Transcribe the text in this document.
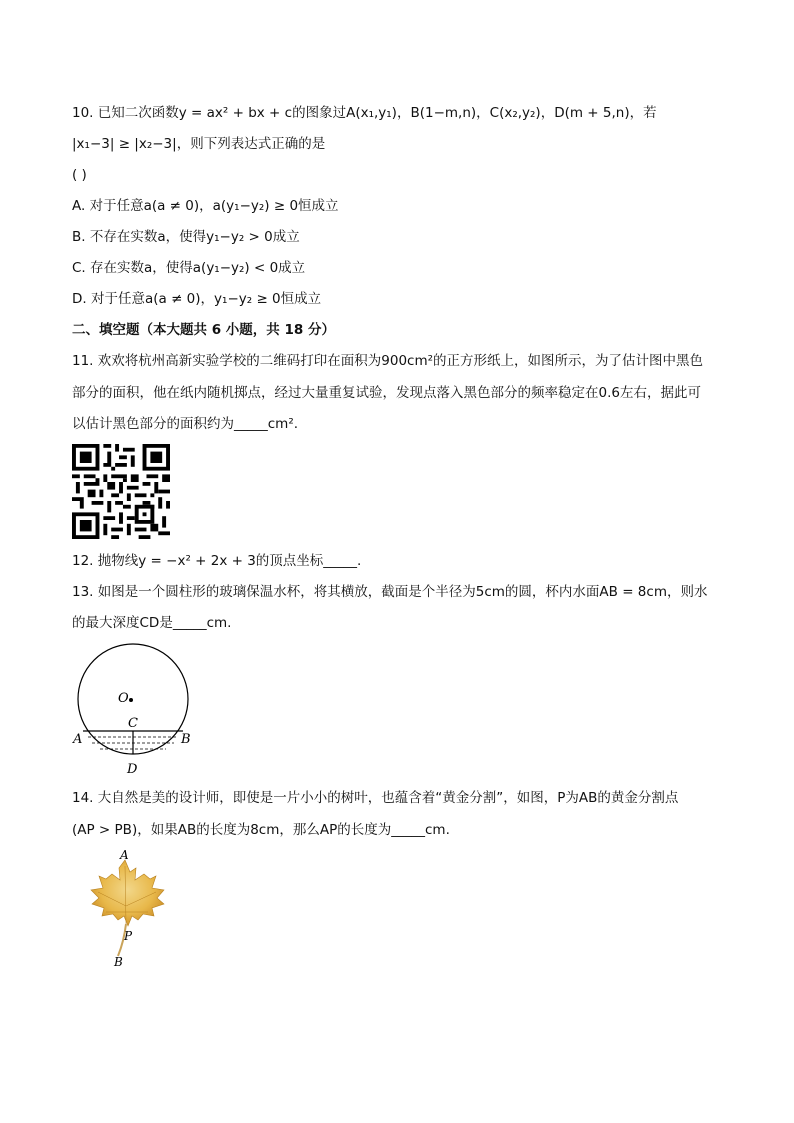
10. 已知二次函数y = ax² + bx + c的图象过A(x₁,y₁)，B(1−m,n)，C(x₂,y₂)，D(m + 5,n)，若
|x₁−3| ≥ |x₂−3|，则下列表达式正确的是
( )
A. 对于任意a(a ≠ 0)，a(y₁−y₂) ≥ 0恒成立
B. 不存在实数a，使得y₁−y₂ > 0成立
C. 存在实数a，使得a(y₁−y₂) < 0成立
D. 对于任意a(a ≠ 0)，y₁−y₂ ≥ 0恒成立
二、填空题（本大题共 6 小题，共 18 分）
11. 欢欢将杭州高新实验学校的二维码打印在面积为900cm²的正方形纸上，如图所示，为了估计图中黑色
部分的面积，他在纸内随机掷点，经过大量重复试验，发现点落入黑色部分的频率稳定在0.6左右，据此可
以估计黑色部分的面积约为_____cm².
12. 抛物线y = −x² + 2x + 3的顶点坐标_____.
13. 如图是一个圆柱形的玻璃保温水杯，将其横放，截面是个半径为5cm的圆，杯内水面AB = 8cm，则水
的最大深度CD是_____cm.
O
C
A	B
D
14. 大自然是美的设计师，即使是一片小小的树叶，也蕴含着“黄金分割”，如图，P为AB的黄金分割点
(AP > PB)，如果AB的长度为8cm，那么AP的长度为_____cm.
A
P
B
